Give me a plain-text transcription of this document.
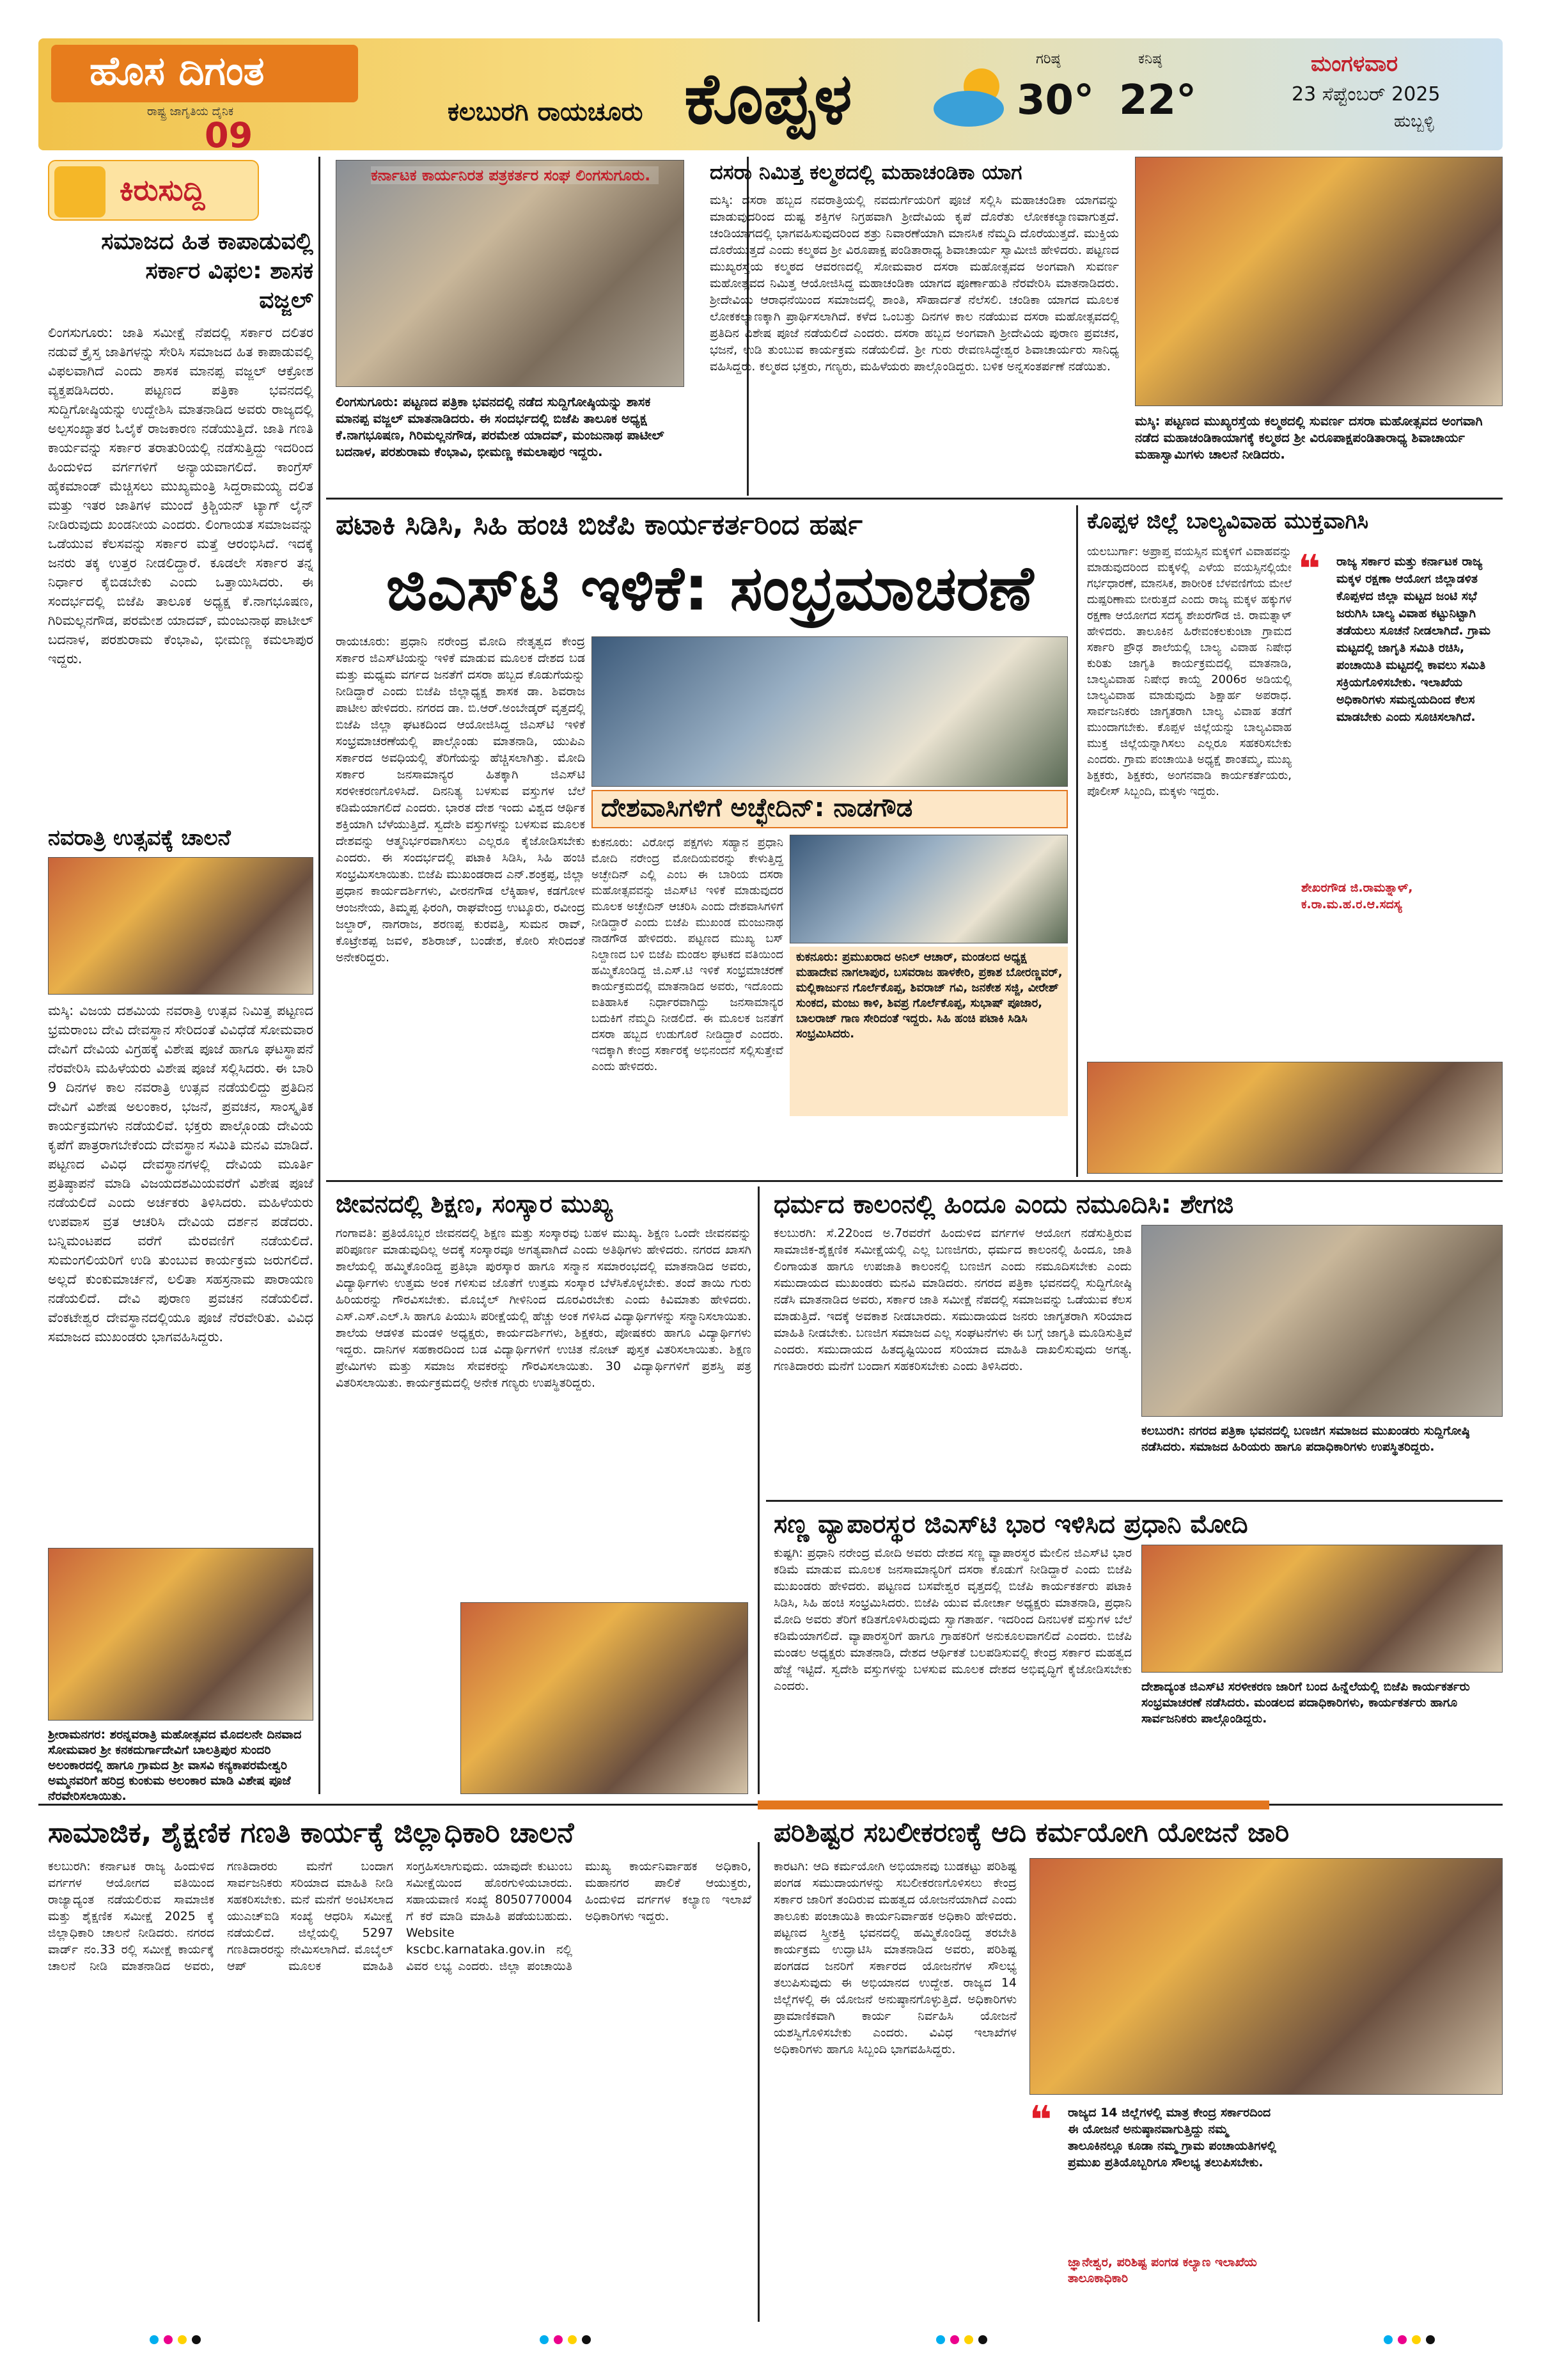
ಹೊಸ ದಿಗಂತ
ರಾಷ್ಟ್ರ ಜಾಗೃತಿಯ ದೈನಿಕ
09
ಕಲಬುರಗಿ ರಾಯಚೂರು ಕೊಪ್ಪಳ	ಗರಿಷ್ಠ
30°
ಕನಿಷ್ಠ
22°
ಮಂಗಳವಾರ
23 ಸೆಪ್ಟೆಂಬರ್ 2025
ಹುಬ್ಬಳ್ಳಿ
ಕಿರುಸುದ್ದಿ
ಸಮಾಜದ ಹಿತ ಕಾಪಾಡುವಲ್ಲಿ ಸರ್ಕಾರ ವಿಫಲ: ಶಾಸಕ ವಜ್ಜಲ್
ಲಿಂಗಸುಗೂರು: ಜಾತಿ ಸಮೀಕ್ಷೆ ನೆಪದಲ್ಲಿ ಸರ್ಕಾರ ದಲಿತರ ನಡುವೆ ಕ್ರೈಸ್ತ ಜಾತಿಗಳನ್ನು ಸೇರಿಸಿ ಸಮಾಜದ ಹಿತ ಕಾಪಾಡುವಲ್ಲಿ ವಿಫಲವಾಗಿದೆ ಎಂದು ಶಾಸಕ ಮಾನಪ್ಪ ವಜ್ಜಲ್ ಆಕ್ರೋಶ ವ್ಯಕ್ತಪಡಿಸಿದರು. ಪಟ್ಟಣದ ಪತ್ರಿಕಾ ಭವನದಲ್ಲಿ ಸುದ್ದಿಗೋಷ್ಠಿಯನ್ನು ಉದ್ದೇಶಿಸಿ ಮಾತನಾಡಿದ ಅವರು ರಾಜ್ಯದಲ್ಲಿ ಅಲ್ಪಸಂಖ್ಯಾತರ ಓಲೈಕೆ ರಾಜಕಾರಣ ನಡೆಯುತ್ತಿದೆ. ಜಾತಿ ಗಣತಿ ಕಾರ್ಯವನ್ನು ಸರ್ಕಾರ ತರಾತುರಿಯಲ್ಲಿ ನಡೆಸುತ್ತಿದ್ದು ಇದರಿಂದ ಹಿಂದುಳಿದ ವರ್ಗಗಳಿಗೆ ಅನ್ಯಾಯವಾಗಲಿದೆ. ಕಾಂಗ್ರೆಸ್ ಹೈಕಮಾಂಡ್ ಮೆಚ್ಚಿಸಲು ಮುಖ್ಯಮಂತ್ರಿ ಸಿದ್ದರಾಮಯ್ಯ ದಲಿತ ಮತ್ತು ಇತರ ಜಾತಿಗಳ ಮುಂದೆ ಕ್ರಿಶ್ಚಿಯನ್ ಟ್ಯಾಗ್ ಲೈನ್ ನೀಡಿರುವುದು ಖಂಡನೀಯ ಎಂದರು. ಲಿಂಗಾಯತ ಸಮಾಜವನ್ನು ಒಡೆಯುವ ಕೆಲಸವನ್ನು ಸರ್ಕಾರ ಮತ್ತೆ ಆರಂಭಿಸಿದೆ. ಇದಕ್ಕೆ ಜನರು ತಕ್ಕ ಉತ್ತರ ನೀಡಲಿದ್ದಾರೆ. ಕೂಡಲೇ ಸರ್ಕಾರ ತನ್ನ ನಿರ್ಧಾರ ಕೈಬಿಡಬೇಕು ಎಂದು ಒತ್ತಾಯಿಸಿದರು. ಈ ಸಂದರ್ಭದಲ್ಲಿ ಬಿಜೆಪಿ ತಾಲೂಕ ಅಧ್ಯಕ್ಷ ಕೆ.ನಾಗಭೂಷಣ, ಗಿರಿಮಲ್ಲನಗೌಡ, ಪರಮೇಶ ಯಾದವ್, ಮಂಜುನಾಥ ಪಾಟೀಲ್ ಬದನಾಳ, ಪರಶುರಾಮ ಕೆಂಭಾವಿ, ಭೀಮಣ್ಣ ಕಮಲಾಪುರ ಇದ್ದರು.
ನವರಾತ್ರಿ ಉತ್ಸವಕ್ಕೆ ಚಾಲನೆ
ಮಸ್ಕಿ: ವಿಜಯ ದಶಮಿಯ ನವರಾತ್ರಿ ಉತ್ಸವ ನಿಮಿತ್ತ ಪಟ್ಟಣದ ಭ್ರಮರಾಂಬ ದೇವಿ ದೇವಸ್ಥಾನ ಸೇರಿದಂತೆ ವಿವಿಧೆಡೆ ಸೋಮವಾರ ದೇವಿಗೆ ದೇವಿಯ ವಿಗ್ರಹಕ್ಕೆ ವಿಶೇಷ ಪೂಜೆ ಹಾಗೂ ಘಟಸ್ಥಾಪನೆ ನೆರವೇರಿಸಿ ಮಹಿಳೆಯರು ವಿಶೇಷ ಪೂಜೆ ಸಲ್ಲಿಸಿದರು. ಈ ಬಾರಿ 9 ದಿನಗಳ ಕಾಲ ನವರಾತ್ರಿ ಉತ್ಸವ ನಡೆಯಲಿದ್ದು ಪ್ರತಿದಿನ ದೇವಿಗೆ ವಿಶೇಷ ಅಲಂಕಾರ, ಭಜನೆ, ಪ್ರವಚನ, ಸಾಂಸ್ಕೃತಿಕ ಕಾರ್ಯಕ್ರಮಗಳು ನಡೆಯಲಿವೆ. ಭಕ್ತರು ಪಾಲ್ಗೊಂಡು ದೇವಿಯ ಕೃಪೆಗೆ ಪಾತ್ರರಾಗಬೇಕೆಂದು ದೇವಸ್ಥಾನ ಸಮಿತಿ ಮನವಿ ಮಾಡಿದೆ. ಪಟ್ಟಣದ ವಿವಿಧ ದೇವಸ್ಥಾನಗಳಲ್ಲಿ ದೇವಿಯ ಮೂರ್ತಿ ಪ್ರತಿಷ್ಠಾಪನೆ ಮಾಡಿ ವಿಜಯದಶಮಿಯವರೆಗೆ ವಿಶೇಷ ಪೂಜೆ ನಡೆಯಲಿದೆ ಎಂದು ಅರ್ಚಕರು ತಿಳಿಸಿದರು. ಮಹಿಳೆಯರು ಉಪವಾಸ ವ್ರತ ಆಚರಿಸಿ ದೇವಿಯ ದರ್ಶನ ಪಡೆದರು. ಬನ್ನಿಮಂಟಪದ ವರೆಗೆ ಮೆರವಣಿಗೆ ನಡೆಯಲಿದೆ. ಸುಮಂಗಲಿಯರಿಗೆ ಉಡಿ ತುಂಬುವ ಕಾರ್ಯಕ್ರಮ ಜರುಗಲಿದೆ. ಅಲ್ಲದೆ ಕುಂಕುಮಾರ್ಚನೆ, ಲಲಿತಾ ಸಹಸ್ರನಾಮ ಪಾರಾಯಣ ನಡೆಯಲಿದೆ. ದೇವಿ ಪುರಾಣ ಪ್ರವಚನ ನಡೆಯಲಿದೆ. ವೆಂಕಟೇಶ್ವರ ದೇವಸ್ಥಾನದಲ್ಲಿಯೂ ಪೂಜೆ ನೆರವೇರಿತು. ವಿವಿಧ ಸಮಾಜದ ಮುಖಂಡರು ಭಾಗವಹಿಸಿದ್ದರು.
ಶ್ರೀರಾಮನಗರ: ಶರನ್ನವರಾತ್ರಿ ಮಹೋತ್ಸವದ ಮೊದಲನೇ ದಿನವಾದ ಸೋಮವಾರ ಶ್ರೀ ಕನಕದುರ್ಗಾದೇವಿಗೆ ಬಾಲತ್ರಿಪುರ ಸುಂದರಿ ಅಲಂಕಾರದಲ್ಲಿ ಹಾಗೂ ಗ್ರಾಮದ ಶ್ರೀ ವಾಸವಿ ಕನ್ಯಕಾಪರಮೇಶ್ವರಿ ಅಮ್ಮನವರಿಗೆ ಹರಿದ್ರ ಕುಂಕುಮ ಅಲಂಕಾರ ಮಾಡಿ ವಿಶೇಷ ಪೂಜೆ ನೆರವೇರಿಸಲಾಯಿತು.
ಕರ್ನಾಟಕ ಕಾರ್ಯನಿರತ ಪತ್ರಕರ್ತರ ಸಂಘ ಲಿಂಗಸುಗೂರು.
ಲಿಂಗಸುಗೂರು: ಪಟ್ಟಣದ ಪತ್ರಿಕಾ ಭವನದಲ್ಲಿ ನಡೆದ ಸುದ್ದಿಗೋಷ್ಠಿಯನ್ನು ಶಾಸಕ ಮಾನಪ್ಪ ವಜ್ಜಲ್ ಮಾತನಾಡಿದರು. ಈ ಸಂದರ್ಭದಲ್ಲಿ ಬಿಜೆಪಿ ತಾಲೂಕ ಅಧ್ಯಕ್ಷ ಕೆ.ನಾಗಭೂಷಣ, ಗಿರಿಮಲ್ಲನಗೌಡ, ಪರಮೇಶ ಯಾದವ್, ಮಂಜುನಾಥ ಪಾಟೀಲ್ ಬದನಾಳ, ಪರಶುರಾಮ ಕೆಂಭಾವಿ, ಭೀಮಣ್ಣ ಕಮಲಾಪುರ ಇದ್ದರು.
ದಸರಾ ನಿಮಿತ್ತ ಕಲ್ಮಠದಲ್ಲಿ ಮಹಾಚಂಡಿಕಾ ಯಾಗ
ಮಸ್ಕಿ: ದಸರಾ ಹಬ್ಬದ ನವರಾತ್ರಿಯಲ್ಲಿ ನವದುರ್ಗೆಯರಿಗೆ ಪೂಜೆ ಸಲ್ಲಿಸಿ ಮಹಾಚಂಡಿಕಾ ಯಾಗವನ್ನು ಮಾಡುವುದರಿಂದ ದುಷ್ಟ ಶಕ್ತಿಗಳ ನಿಗ್ರಹವಾಗಿ ಶ್ರೀದೇವಿಯ ಕೃಪೆ ದೊರೆತು ಲೋಕಕಲ್ಯಾಣವಾಗುತ್ತದೆ. ಚಂಡಿಯಾಗದಲ್ಲಿ ಭಾಗವಹಿಸುವುದರಿಂದ ಶತ್ರು ನಿವಾರಣೆಯಾಗಿ ಮಾನಸಿಕ ನೆಮ್ಮದಿ ದೊರೆಯುತ್ತದೆ. ಮುಕ್ತಿಯ ದೊರೆಯುತ್ತದೆ ಎಂದು ಕಲ್ಮಠದ ಶ್ರೀ ವಿರೂಪಾಕ್ಷ ಪಂಡಿತಾರಾಧ್ಯ ಶಿವಾಚಾರ್ಯ ಸ್ವಾಮೀಜಿ ಹೇಳಿದರು. ಪಟ್ಟಣದ ಮುಖ್ಯರಸ್ತೆಯ ಕಲ್ಮಠದ ಆವರಣದಲ್ಲಿ ಸೋಮವಾರ ದಸರಾ ಮಹೋತ್ಸವದ ಅಂಗವಾಗಿ ಸುವರ್ಣ ಮಹೋತ್ಸವದ ನಿಮಿತ್ತ ಆಯೋಜಿಸಿದ್ದ ಮಹಾಚಂಡಿಕಾ ಯಾಗದ ಪೂರ್ಣಾಹುತಿ ನೆರವೇರಿಸಿ ಮಾತನಾಡಿದರು. ಶ್ರೀದೇವಿಯ ಆರಾಧನೆಯಿಂದ ಸಮಾಜದಲ್ಲಿ ಶಾಂತಿ, ಸೌಹಾರ್ದತೆ ನೆಲೆಸಲಿ. ಚಂಡಿಕಾ ಯಾಗದ ಮೂಲಕ ಲೋಕಕಲ್ಯಾಣಕ್ಕಾಗಿ ಪ್ರಾರ್ಥಿಸಲಾಗಿದೆ. ಕಳೆದ ಒಂಬತ್ತು ದಿನಗಳ ಕಾಲ ನಡೆಯುವ ದಸರಾ ಮಹೋತ್ಸವದಲ್ಲಿ ಪ್ರತಿದಿನ ವಿಶೇಷ ಪೂಜೆ ನಡೆಯಲಿದೆ ಎಂದರು. ದಸರಾ ಹಬ್ಬದ ಅಂಗವಾಗಿ ಶ್ರೀದೇವಿಯ ಪುರಾಣ ಪ್ರವಚನ, ಭಜನೆ, ಉಡಿ ತುಂಬುವ ಕಾರ್ಯಕ್ರಮ ನಡೆಯಲಿದೆ. ಶ್ರೀ ಗುರು ರೇವಣಸಿದ್ಧೇಶ್ವರ ಶಿವಾಚಾರ್ಯರು ಸಾನಿಧ್ಯ ವಹಿಸಿದ್ದರು. ಕಲ್ಮಠದ ಭಕ್ತರು, ಗಣ್ಯರು, ಮಹಿಳೆಯರು ಪಾಲ್ಗೊಂಡಿದ್ದರು. ಬಳಿಕ ಅನ್ನಸಂತರ್ಪಣೆ ನಡೆಯಿತು.
ಮಸ್ಕಿ: ಪಟ್ಟಣದ ಮುಖ್ಯರಸ್ತೆಯ ಕಲ್ಮಠದಲ್ಲಿ ಸುವರ್ಣ ದಸರಾ ಮಹೋತ್ಸವದ ಅಂಗವಾಗಿ ನಡೆದ ಮಹಾಚಂಡಿಕಾಯಾಗಕ್ಕೆ ಕಲ್ಮಠದ ಶ್ರೀ ವಿರೂಪಾಕ್ಷಪಂಡಿತಾರಾಧ್ಯ ಶಿವಾಚಾರ್ಯ ಮಹಾಸ್ವಾಮಿಗಳು ಚಾಲನೆ ನೀಡಿದರು.
ಪಟಾಕಿ ಸಿಡಿಸಿ, ಸಿಹಿ ಹಂಚಿ ಬಿಜೆಪಿ ಕಾರ್ಯಕರ್ತರಿಂದ ಹರ್ಷ
ಜಿಎಸ್‌ಟಿ ಇಳಿಕೆ: ಸಂಭ್ರಮಾಚರಣೆ
ರಾಯಚೂರು: ಪ್ರಧಾನಿ ನರೇಂದ್ರ ಮೋದಿ ನೇತೃತ್ವದ ಕೇಂದ್ರ ಸರ್ಕಾರ ಜಿಎಸ್‌ಟಿಯನ್ನು ಇಳಿಕೆ ಮಾಡುವ ಮೂಲಕ ದೇಶದ ಬಡ ಮತ್ತು ಮಧ್ಯಮ ವರ್ಗದ ಜನತೆಗೆ ದಸರಾ ಹಬ್ಬದ ಕೊಡುಗೆಯನ್ನು ನೀಡಿದ್ದಾರೆ ಎಂದು ಬಿಜೆಪಿ ಜಿಲ್ಲಾಧ್ಯಕ್ಷ ಶಾಸಕ ಡಾ. ಶಿವರಾಜ ಪಾಟೀಲ ಹೇಳಿದರು. ನಗರದ ಡಾ. ಬಿ.ಆರ್.ಅಂಬೇಡ್ಕರ್ ವೃತ್ತದಲ್ಲಿ ಬಿಜೆಪಿ ಜಿಲ್ಲಾ ಘಟಕದಿಂದ ಆಯೋಜಿಸಿದ್ದ ಜಿಎಸ್‌ಟಿ ಇಳಿಕೆ ಸಂಭ್ರಮಾಚರಣೆಯಲ್ಲಿ ಪಾಲ್ಗೊಂಡು ಮಾತನಾಡಿ, ಯುಪಿಎ ಸರ್ಕಾರದ ಅವಧಿಯಲ್ಲಿ ತೆರಿಗೆಯನ್ನು ಹೆಚ್ಚಿಸಲಾಗಿತ್ತು. ಮೋದಿ ಸರ್ಕಾರ ಜನಸಾಮಾನ್ಯರ ಹಿತಕ್ಕಾಗಿ ಜಿಎಸ್‌ಟಿ ಸರಳೀಕರಣಗೊಳಿಸಿದೆ. ದಿನನಿತ್ಯ ಬಳಸುವ ವಸ್ತುಗಳ ಬೆಲೆ ಕಡಿಮೆಯಾಗಲಿದೆ ಎಂದರು. ಭಾರತ ದೇಶ ಇಂದು ವಿಶ್ವದ ಆರ್ಥಿಕ ಶಕ್ತಿಯಾಗಿ ಬೆಳೆಯುತ್ತಿದೆ. ಸ್ವದೇಶಿ ವಸ್ತುಗಳನ್ನು ಬಳಸುವ ಮೂಲಕ ದೇಶವನ್ನು ಆತ್ಮನಿರ್ಭರವಾಗಿಸಲು ಎಲ್ಲರೂ ಕೈಜೋಡಿಸಬೇಕು ಎಂದರು. ಈ ಸಂದರ್ಭದಲ್ಲಿ ಪಟಾಕಿ ಸಿಡಿಸಿ, ಸಿಹಿ ಹಂಚಿ ಸಂಭ್ರಮಿಸಲಾಯಿತು. ಬಿಜೆಪಿ ಮುಖಂಡರಾದ ಎನ್.ಶಂಕ್ರಪ್ಪ, ಜಿಲ್ಲಾ ಪ್ರಧಾನ ಕಾರ್ಯದರ್ಶಿಗಳು, ವೀರನಗೌಡ ಲೆಕ್ಕಿಹಾಳ, ಕಡಗೋಳ ಆಂಜನೇಯ, ತಿಮ್ಮಪ್ಪ ಫಿರಂಗಿ, ರಾಘವೇಂದ್ರ ಉಟ್ಕೂರು, ರವೀಂದ್ರ ಜಲ್ದಾರ್, ನಾಗರಾಜ, ಶರಣಪ್ಪ ಕುರವತ್ತಿ, ಸುಮನ ರಾವ್, ಕೊಟ್ರೇಶಪ್ಪ ಜವಳಿ, ಶಶಿರಾಜ್, ಬಂಡೇಶ, ಕೋರಿ ಸೇರಿದಂತೆ ಅನೇಕರಿದ್ದರು.
ದೇಶವಾಸಿಗಳಿಗೆ ಅಚ್ಛೇದಿನ್: ನಾಡಗೌಡ
ಕುಕನೂರು: ವಿರೋಧ ಪಕ್ಷಗಳು ಸಹ್ಯಾನ ಪ್ರಧಾನಿ ಮೋದಿ ನರೇಂದ್ರ ಮೋದಿಯವರನ್ನು ಕೇಳುತ್ತಿದ್ದ ಅಚ್ಛೇದಿನ್ ಎಲ್ಲಿ ಎಂಬ ಈ ಬಾರಿಯ ದಸರಾ ಮಹೋತ್ಸವವನ್ನು ಜಿಎಸ್‌ಟಿ ಇಳಿಕೆ ಮಾಡುವುದರ ಮೂಲಕ ಅಚ್ಛೇದಿನ್ ಆಚರಿಸಿ ಎಂದು ದೇಶವಾಸಿಗಳಿಗೆ ನೀಡಿದ್ದಾರೆ ಎಂದು ಬಿಜೆಪಿ ಮುಖಂಡ ಮಂಜುನಾಥ ನಾಡಗೌಡ ಹೇಳಿದರು. ಪಟ್ಟಣದ ಮುಖ್ಯ ಬಸ್ ನಿಲ್ದಾಣದ ಬಳಿ ಬಿಜೆಪಿ ಮಂಡಲ ಘಟಕದ ವತಿಯಿಂದ ಹಮ್ಮಿಕೊಂಡಿದ್ದ ಜಿ.ಎಸ್.ಟಿ ಇಳಿಕೆ ಸಂಭ್ರಮಾಚರಣೆ ಕಾರ್ಯಕ್ರಮದಲ್ಲಿ ಮಾತನಾಡಿದ ಅವರು, ಇದೊಂದು ಐತಿಹಾಸಿಕ ನಿರ್ಧಾರವಾಗಿದ್ದು ಜನಸಾಮಾನ್ಯರ ಬದುಕಿಗೆ ನೆಮ್ಮದಿ ನೀಡಲಿದೆ. ಈ ಮೂಲಕ ಜನತೆಗೆ ದಸರಾ ಹಬ್ಬದ ಉಡುಗೊರೆ ನೀಡಿದ್ದಾರೆ ಎಂದರು. ಇದಕ್ಕಾಗಿ ಕೇಂದ್ರ ಸರ್ಕಾರಕ್ಕೆ ಅಭಿನಂದನೆ ಸಲ್ಲಿಸುತ್ತೇವೆ ಎಂದು ಹೇಳಿದರು.
ಕುಕನೂರು: ಪ್ರಮುಖರಾದ ಅನಿಲ್ ಆಚಾರ್, ಮಂಡಲದ ಅಧ್ಯಕ್ಷ ಮಹಾದೇವ ನಾಗಲಾಪುರ, ಬಸವರಾಜ ಹಾಳಕೇರಿ, ಪ್ರಕಾಶ ಬೋರಣ್ಣವರ್, ಮಲ್ಲಿಕಾರ್ಜುನ ಗೊರ್ಲೆಕೊಪ್ಪ, ಶಿವರಾಜ್ ಗವಿ, ಜನಕೇಶ ಸಜ್ಜಿ, ವೀರೇಶ್ ಸುಂಕದ, ಮಂಜು ಕಾಳಿ, ಶಿವಪ್ರ ಗೊರ್ಲೆಕೊಪ್ಪ, ಸುಭಾಷ್ ಪೂಜಾರ, ಬಾಲರಾಜ್ ಗಾಣ ಸೇರಿದಂತೆ ಇದ್ದರು. ಸಿಹಿ ಹಂಚಿ ಪಟಾಕಿ ಸಿಡಿಸಿ ಸಂಭ್ರಮಿಸಿದರು.
ಕೊಪ್ಪಳ ಜಿಲ್ಲೆ ಬಾಲ್ಯವಿವಾಹ ಮುಕ್ತವಾಗಿಸಿ
ಯಲಬುರ್ಗಾ: ಅಪ್ರಾಪ್ತ ವಯಸ್ಸಿನ ಮಕ್ಕಳಿಗೆ ವಿವಾಹವನ್ನು ಮಾಡುವುದರಿಂದ ಮಕ್ಕಳಲ್ಲಿ ಎಳೆಯ ವಯಸ್ಸಿನಲ್ಲಿಯೇ ಗರ್ಭಧಾರಣೆ, ಮಾನಸಿಕ, ಶಾರೀರಿಕ ಬೆಳವಣಿಗೆಯ ಮೇಲೆ ದುಷ್ಪರಿಣಾಮ ಬೀರುತ್ತದೆ ಎಂದು ರಾಜ್ಯ ಮಕ್ಕಳ ಹಕ್ಕುಗಳ ರಕ್ಷಣಾ ಆಯೋಗದ ಸದಸ್ಯ ಶೇಖರಗೌಡ ಜಿ. ರಾಮತ್ನಾಳ್ ಹೇಳಿದರು. ತಾಲೂಕಿನ ಹಿರೇವಂಕಲಕುಂಟಾ ಗ್ರಾಮದ ಸರ್ಕಾರಿ ಪ್ರೌಢ ಶಾಲೆಯಲ್ಲಿ ಬಾಲ್ಯ ವಿವಾಹ ನಿಷೇಧ ಕುರಿತು ಜಾಗೃತಿ ಕಾರ್ಯಕ್ರಮದಲ್ಲಿ ಮಾತನಾಡಿ, ಬಾಲ್ಯವಿವಾಹ ನಿಷೇಧ ಕಾಯ್ದೆ 2006ರ ಅಡಿಯಲ್ಲಿ ಬಾಲ್ಯವಿವಾಹ ಮಾಡುವುದು ಶಿಕ್ಷಾರ್ಹ ಅಪರಾಧ. ಸಾರ್ವಜನಿಕರು ಜಾಗೃತರಾಗಿ ಬಾಲ್ಯ ವಿವಾಹ ತಡೆಗೆ ಮುಂದಾಗಬೇಕು. ಕೊಪ್ಪಳ ಜಿಲ್ಲೆಯನ್ನು ಬಾಲ್ಯವಿವಾಹ ಮುಕ್ತ ಜಿಲ್ಲೆಯನ್ನಾಗಿಸಲು ಎಲ್ಲರೂ ಸಹಕರಿಸಬೇಕು ಎಂದರು. ಗ್ರಾಮ ಪಂಚಾಯಿತಿ ಅಧ್ಯಕ್ಷೆ ಶಾಂತಮ್ಮ, ಮುಖ್ಯ ಶಿಕ್ಷಕರು, ಶಿಕ್ಷಕರು, ಅಂಗನವಾಡಿ ಕಾರ್ಯಕರ್ತೆಯರು, ಪೊಲೀಸ್ ಸಿಬ್ಬಂದಿ, ಮಕ್ಕಳು ಇದ್ದರು.
❝ ರಾಜ್ಯ ಸರ್ಕಾರ ಮತ್ತು ಕರ್ನಾಟಕ ರಾಜ್ಯ ಮಕ್ಕಳ ರಕ್ಷಣಾ ಆಯೋಗ ಜಿಲ್ಲಾಡಳಿತ ಕೊಪ್ಪಳದ ಜಿಲ್ಲಾ ಮಟ್ಟದ ಜಂಟಿ ಸಭೆ ಜರುಗಿಸಿ ಬಾಲ್ಯ ವಿವಾಹ ಕಟ್ಟುನಿಟ್ಟಾಗಿ ತಡೆಯಲು ಸೂಚನೆ ನೀಡಲಾಗಿದೆ. ಗ್ರಾಮ ಮಟ್ಟದಲ್ಲಿ ಜಾಗೃತಿ ಸಮಿತಿ ರಚಿಸಿ, ಪಂಚಾಯಿತಿ ಮಟ್ಟದಲ್ಲಿ ಕಾವಲು ಸಮಿತಿ ಸಕ್ರಿಯಗೊಳಿಸಬೇಕು. ಇಲಾಖೆಯ ಅಧಿಕಾರಿಗಳು ಸಮನ್ವಯದಿಂದ ಕೆಲಸ ಮಾಡಬೇಕು ಎಂದು ಸೂಚಿಸಲಾಗಿದೆ.
ಶೇಖರಗೌಡ ಜಿ.ರಾಮತ್ನಾಳ್, ಕ.ರಾ.ಮ.ಹ.ರ.ಆ.ಸದಸ್ಯ
ಜೀವನದಲ್ಲಿ ಶಿಕ್ಷಣ, ಸಂಸ್ಕಾರ ಮುಖ್ಯ
ಗಂಗಾವತಿ: ಪ್ರತಿಯೊಬ್ಬರ ಜೀವನದಲ್ಲಿ ಶಿಕ್ಷಣ ಮತ್ತು ಸಂಸ್ಕಾರವು ಬಹಳ ಮುಖ್ಯ. ಶಿಕ್ಷಣ ಒಂದೇ ಜೀವನವನ್ನು ಪರಿಪೂರ್ಣ ಮಾಡುವುದಿಲ್ಲ ಅದಕ್ಕೆ ಸಂಸ್ಕಾರವೂ ಅಗತ್ಯವಾಗಿದೆ ಎಂದು ಅತಿಥಿಗಳು ಹೇಳಿದರು. ನಗರದ ಖಾಸಗಿ ಶಾಲೆಯಲ್ಲಿ ಹಮ್ಮಿಕೊಂಡಿದ್ದ ಪ್ರತಿಭಾ ಪುರಸ್ಕಾರ ಹಾಗೂ ಸನ್ಮಾನ ಸಮಾರಂಭದಲ್ಲಿ ಮಾತನಾಡಿದ ಅವರು, ವಿದ್ಯಾರ್ಥಿಗಳು ಉತ್ತಮ ಅಂಕ ಗಳಿಸುವ ಜೊತೆಗೆ ಉತ್ತಮ ಸಂಸ್ಕಾರ ಬೆಳೆಸಿಕೊಳ್ಳಬೇಕು. ತಂದೆ ತಾಯಿ ಗುರು ಹಿರಿಯರನ್ನು ಗೌರವಿಸಬೇಕು. ಮೊಬೈಲ್ ಗೀಳಿನಿಂದ ದೂರವಿರಬೇಕು ಎಂದು ಕಿವಿಮಾತು ಹೇಳಿದರು. ಎಸ್.ಎಸ್.ಎಲ್.ಸಿ ಹಾಗೂ ಪಿಯುಸಿ ಪರೀಕ್ಷೆಯಲ್ಲಿ ಹೆಚ್ಚು ಅಂಕ ಗಳಿಸಿದ ವಿದ್ಯಾರ್ಥಿಗಳನ್ನು ಸನ್ಮಾನಿಸಲಾಯಿತು. ಶಾಲೆಯ ಆಡಳಿತ ಮಂಡಳಿ ಅಧ್ಯಕ್ಷರು, ಕಾರ್ಯದರ್ಶಿಗಳು, ಶಿಕ್ಷಕರು, ಪೋಷಕರು ಹಾಗೂ ವಿದ್ಯಾರ್ಥಿಗಳು ಇದ್ದರು. ದಾನಿಗಳ ಸಹಕಾರದಿಂದ ಬಡ ವಿದ್ಯಾರ್ಥಿಗಳಿಗೆ ಉಚಿತ ನೋಟ್ ಪುಸ್ತಕ ವಿತರಿಸಲಾಯಿತು. ಶಿಕ್ಷಣ ಪ್ರೇಮಿಗಳು ಮತ್ತು ಸಮಾಜ ಸೇವಕರನ್ನು ಗೌರವಿಸಲಾಯಿತು. 30 ವಿದ್ಯಾರ್ಥಿಗಳಿಗೆ ಪ್ರಶಸ್ತಿ ಪತ್ರ ವಿತರಿಸಲಾಯಿತು. ಕಾರ್ಯಕ್ರಮದಲ್ಲಿ ಅನೇಕ ಗಣ್ಯರು ಉಪಸ್ಥಿತರಿದ್ದರು.
ಧರ್ಮದ ಕಾಲಂನಲ್ಲಿ ಹಿಂದೂ ಎಂದು ನಮೂದಿಸಿ: ಶೇಗಜಿ
ಕಲಬುರಗಿ: ಸೆ.22ರಿಂದ ಅ.7ರವರೆಗೆ ಹಿಂದುಳಿದ ವರ್ಗಗಳ ಆಯೋಗ ನಡೆಸುತ್ತಿರುವ ಸಾಮಾಜಿಕ-ಶೈಕ್ಷಣಿಕ ಸಮೀಕ್ಷೆಯಲ್ಲಿ ಎಲ್ಲ ಬಣಜಿಗರು, ಧರ್ಮದ ಕಾಲಂನಲ್ಲಿ ಹಿಂದೂ, ಜಾತಿ ಲಿಂಗಾಯತ ಹಾಗೂ ಉಪಜಾತಿ ಕಾಲಂನಲ್ಲಿ ಬಣಜಿಗ ಎಂದು ನಮೂದಿಸಬೇಕು ಎಂದು ಸಮುದಾಯದ ಮುಖಂಡರು ಮನವಿ ಮಾಡಿದರು. ನಗರದ ಪತ್ರಿಕಾ ಭವನದಲ್ಲಿ ಸುದ್ದಿಗೋಷ್ಠಿ ನಡೆಸಿ ಮಾತನಾಡಿದ ಅವರು, ಸರ್ಕಾರ ಜಾತಿ ಸಮೀಕ್ಷೆ ನೆಪದಲ್ಲಿ ಸಮಾಜವನ್ನು ಒಡೆಯುವ ಕೆಲಸ ಮಾಡುತ್ತಿದೆ. ಇದಕ್ಕೆ ಅವಕಾಶ ನೀಡಬಾರದು. ಸಮುದಾಯದ ಜನರು ಜಾಗೃತರಾಗಿ ಸರಿಯಾದ ಮಾಹಿತಿ ನೀಡಬೇಕು. ಬಣಜಿಗ ಸಮಾಜದ ಎಲ್ಲ ಸಂಘಟನೆಗಳು ಈ ಬಗ್ಗೆ ಜಾಗೃತಿ ಮೂಡಿಸುತ್ತಿವೆ ಎಂದರು. ಸಮುದಾಯದ ಹಿತದೃಷ್ಟಿಯಿಂದ ಸರಿಯಾದ ಮಾಹಿತಿ ದಾಖಲಿಸುವುದು ಅಗತ್ಯ. ಗಣತಿದಾರರು ಮನೆಗೆ ಬಂದಾಗ ಸಹಕರಿಸಬೇಕು ಎಂದು ತಿಳಿಸಿದರು.
ಕಲಬುರಗಿ: ನಗರದ ಪತ್ರಿಕಾ ಭವನದಲ್ಲಿ ಬಣಜಿಗ ಸಮಾಜದ ಮುಖಂಡರು ಸುದ್ದಿಗೋಷ್ಠಿ ನಡೆಸಿದರು. ಸಮಾಜದ ಹಿರಿಯರು ಹಾಗೂ ಪದಾಧಿಕಾರಿಗಳು ಉಪಸ್ಥಿತರಿದ್ದರು.
ಸಣ್ಣ ವ್ಯಾಪಾರಸ್ಥರ ಜಿಎಸ್‌ಟಿ ಭಾರ ಇಳಿಸಿದ ಪ್ರಧಾನಿ ಮೋದಿ
ಕುಷ್ಟಗಿ: ಪ್ರಧಾನಿ ನರೇಂದ್ರ ಮೋದಿ ಅವರು ದೇಶದ ಸಣ್ಣ ವ್ಯಾಪಾರಸ್ಥರ ಮೇಲಿನ ಜಿಎಸ್‌ಟಿ ಭಾರ ಕಡಿಮೆ ಮಾಡುವ ಮೂಲಕ ಜನಸಾಮಾನ್ಯರಿಗೆ ದಸರಾ ಕೊಡುಗೆ ನೀಡಿದ್ದಾರೆ ಎಂದು ಬಿಜೆಪಿ ಮುಖಂಡರು ಹೇಳಿದರು. ಪಟ್ಟಣದ ಬಸವೇಶ್ವರ ವೃತ್ತದಲ್ಲಿ ಬಿಜೆಪಿ ಕಾರ್ಯಕರ್ತರು ಪಟಾಕಿ ಸಿಡಿಸಿ, ಸಿಹಿ ಹಂಚಿ ಸಂಭ್ರಮಿಸಿದರು. ಬಿಜೆಪಿ ಯುವ ಮೋರ್ಚಾ ಅಧ್ಯಕ್ಷರು ಮಾತನಾಡಿ, ಪ್ರಧಾನಿ ಮೋದಿ ಅವರು ತೆರಿಗೆ ಕಡಿತಗೊಳಿಸಿರುವುದು ಸ್ವಾಗತಾರ್ಹ. ಇದರಿಂದ ದಿನಬಳಕೆ ವಸ್ತುಗಳ ಬೆಲೆ ಕಡಿಮೆಯಾಗಲಿದೆ. ವ್ಯಾಪಾರಸ್ಥರಿಗೆ ಹಾಗೂ ಗ್ರಾಹಕರಿಗೆ ಅನುಕೂಲವಾಗಲಿದೆ ಎಂದರು. ಬಿಜೆಪಿ ಮಂಡಲ ಅಧ್ಯಕ್ಷರು ಮಾತನಾಡಿ, ದೇಶದ ಆರ್ಥಿಕತೆ ಬಲಪಡಿಸುವಲ್ಲಿ ಕೇಂದ್ರ ಸರ್ಕಾರ ಮಹತ್ವದ ಹೆಜ್ಜೆ ಇಟ್ಟಿದೆ. ಸ್ವದೇಶಿ ವಸ್ತುಗಳನ್ನು ಬಳಸುವ ಮೂಲಕ ದೇಶದ ಅಭಿವೃದ್ಧಿಗೆ ಕೈಜೋಡಿಸಬೇಕು ಎಂದರು.	ದೇಶಾದ್ಯಂತ ಜಿಎಸ್‌ಟಿ ಸರಳೀಕರಣ ಜಾರಿಗೆ ಬಂದ ಹಿನ್ನೆಲೆಯಲ್ಲಿ ಬಿಜೆಪಿ ಕಾರ್ಯಕರ್ತರು ಸಂಭ್ರಮಾಚರಣೆ ನಡೆಸಿದರು. ಮಂಡಲದ ಪದಾಧಿಕಾರಿಗಳು, ಕಾರ್ಯಕರ್ತರು ಹಾಗೂ ಸಾರ್ವಜನಿಕರು ಪಾಲ್ಗೊಂಡಿದ್ದರು.
ಸಾಮಾಜಿಕ, ಶೈಕ್ಷಣಿಕ ಗಣತಿ ಕಾರ್ಯಕ್ಕೆ ಜಿಲ್ಲಾಧಿಕಾರಿ ಚಾಲನೆ
ಕಲಬುರಗಿ: ಕರ್ನಾಟಕ ರಾಜ್ಯ ಹಿಂದುಳಿದ ವರ್ಗಗಳ ಆಯೋಗದ ವತಿಯಿಂದ ರಾಜ್ಯಾದ್ಯಂತ ನಡೆಯಲಿರುವ ಸಾಮಾಜಿಕ ಮತ್ತು ಶೈಕ್ಷಣಿಕ ಸಮೀಕ್ಷೆ 2025 ಕ್ಕೆ ಜಿಲ್ಲಾಧಿಕಾರಿ ಚಾಲನೆ ನೀಡಿದರು. ನಗರದ ವಾರ್ಡ್ ನಂ.33 ರಲ್ಲಿ ಸಮೀಕ್ಷೆ ಕಾರ್ಯಕ್ಕೆ ಚಾಲನೆ ನೀಡಿ ಮಾತನಾಡಿದ ಅವರು, ಗಣತಿದಾರರು ಮನೆಗೆ ಬಂದಾಗ ಸಾರ್ವಜನಿಕರು ಸರಿಯಾದ ಮಾಹಿತಿ ನೀಡಿ ಸಹಕರಿಸಬೇಕು. ಮನೆ ಮನೆಗೆ ಅಂಟಿಸಲಾದ ಯುಎಚ್‌ಐಡಿ ಸಂಖ್ಯೆ ಆಧರಿಸಿ ಸಮೀಕ್ಷೆ ನಡೆಯಲಿದೆ. ಜಿಲ್ಲೆಯಲ್ಲಿ 5297 ಗಣತಿದಾರರನ್ನು ನೇಮಿಸಲಾಗಿದೆ. ಮೊಬೈಲ್ ಆಪ್ ಮೂಲಕ ಮಾಹಿತಿ ಸಂಗ್ರಹಿಸಲಾಗುವುದು. ಯಾವುದೇ ಕುಟುಂಬ ಸಮೀಕ್ಷೆಯಿಂದ ಹೊರಗುಳಿಯಬಾರದು. ಸಹಾಯವಾಣಿ ಸಂಖ್ಯೆ 8050770004 ಗೆ ಕರೆ ಮಾಡಿ ಮಾಹಿತಿ ಪಡೆಯಬಹುದು. Website kscbc.karnataka.gov.in ನಲ್ಲಿ ವಿವರ ಲಭ್ಯ ಎಂದರು. ಜಿಲ್ಲಾ ಪಂಚಾಯಿತಿ ಮುಖ್ಯ ಕಾರ್ಯನಿರ್ವಾಹಕ ಅಧಿಕಾರಿ, ಮಹಾನಗರ ಪಾಲಿಕೆ ಆಯುಕ್ತರು, ಹಿಂದುಳಿದ ವರ್ಗಗಳ ಕಲ್ಯಾಣ ಇಲಾಖೆ ಅಧಿಕಾರಿಗಳು ಇದ್ದರು.
ಪರಿಶಿಷ್ಟರ ಸಬಲೀಕರಣಕ್ಕೆ ಆದಿ ಕರ್ಮಯೋಗಿ ಯೋಜನೆ ಜಾರಿ
ಕಾರಟಗಿ: ಆದಿ ಕರ್ಮಯೋಗಿ ಅಭಿಯಾನವು ಬುಡಕಟ್ಟು ಪರಿಶಿಷ್ಟ ಪಂಗಡ ಸಮುದಾಯಗಳನ್ನು ಸಬಲೀಕರಣಗೊಳಿಸಲು ಕೇಂದ್ರ ಸರ್ಕಾರ ಜಾರಿಗೆ ತಂದಿರುವ ಮಹತ್ವದ ಯೋಜನೆಯಾಗಿದೆ ಎಂದು ತಾಲೂಕು ಪಂಚಾಯಿತಿ ಕಾರ್ಯನಿರ್ವಾಹಕ ಅಧಿಕಾರಿ ಹೇಳಿದರು. ಪಟ್ಟಣದ ಸ್ತ್ರೀಶಕ್ತಿ ಭವನದಲ್ಲಿ ಹಮ್ಮಿಕೊಂಡಿದ್ದ ತರಬೇತಿ ಕಾರ್ಯಕ್ರಮ ಉದ್ಘಾಟಿಸಿ ಮಾತನಾಡಿದ ಅವರು, ಪರಿಶಿಷ್ಟ ಪಂಗಡದ ಜನರಿಗೆ ಸರ್ಕಾರದ ಯೋಜನೆಗಳ ಸೌಲಭ್ಯ ತಲುಪಿಸುವುದು ಈ ಅಭಿಯಾನದ ಉದ್ದೇಶ. ರಾಜ್ಯದ 14 ಜಿಲ್ಲೆಗಳಲ್ಲಿ ಈ ಯೋಜನೆ ಅನುಷ್ಠಾನಗೊಳ್ಳುತ್ತಿದೆ. ಅಧಿಕಾರಿಗಳು ಪ್ರಾಮಾಣಿಕವಾಗಿ ಕಾರ್ಯ ನಿರ್ವಹಿಸಿ ಯೋಜನೆ ಯಶಸ್ವಿಗೊಳಿಸಬೇಕು ಎಂದರು. ವಿವಿಧ ಇಲಾಖೆಗಳ ಅಧಿಕಾರಿಗಳು ಹಾಗೂ ಸಿಬ್ಬಂದಿ ಭಾಗವಹಿಸಿದ್ದರು.
❝ ರಾಜ್ಯದ 14 ಜಿಲ್ಲೆಗಳಲ್ಲಿ ಮಾತ್ರ ಕೇಂದ್ರ ಸರ್ಕಾರದಿಂದ ಈ ಯೋಜನೆ ಅನುಷ್ಠಾನವಾಗುತ್ತಿದ್ದು ನಮ್ಮ ತಾಲೂಕಿನಲ್ಲೂ ಕೂಡಾ ನಮ್ಮ ಗ್ರಾಮ ಪಂಚಾಯತಿಗಳಲ್ಲಿ ಪ್ರಮುಖ ಪ್ರತಿಯೊಬ್ಬರಿಗೂ ಸೌಲಭ್ಯ ತಲುಪಿಸಬೇಕು.
ಜ್ಞಾನೇಶ್ವರ, ಪರಿಶಿಷ್ಟ ಪಂಗಡ ಕಲ್ಯಾಣ ಇಲಾಖೆಯ ತಾಲೂಕಾಧಿಕಾರಿ
